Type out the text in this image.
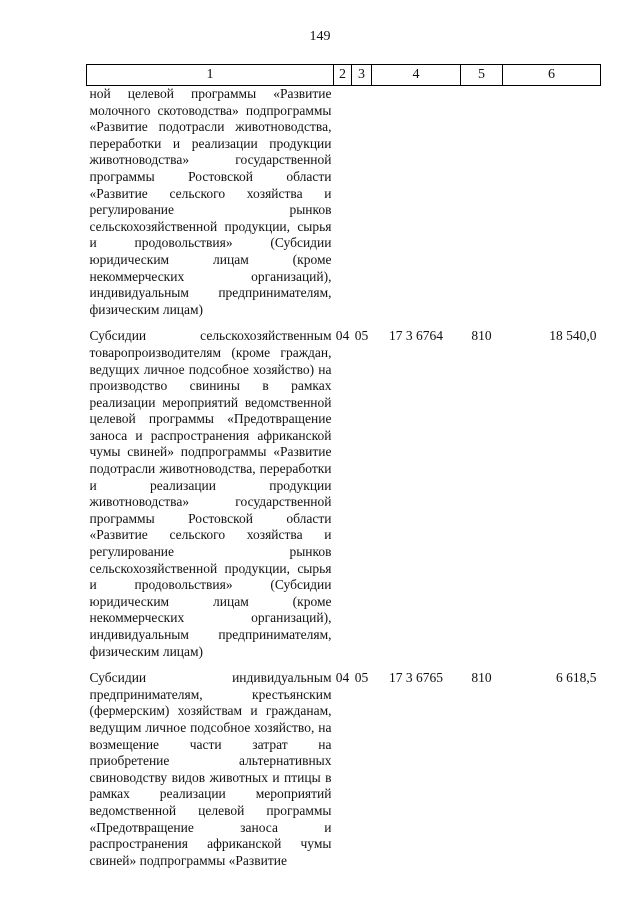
149
1	2	3	4	5	6

ной целевой программы «Развитие молочного скотоводства» подпрограммы «Развитие подотрасли животноводства, переработки и реализации продукции животноводства» государственной программы Ростовской области «Развитие сельского хозяйства и регулирование рынков сельскохозяйственной продукции, сырья и продовольствия» (Субсидии юридическим лицам (кроме некоммерческих организаций), индивидуальным предпринимателям, физическим лицам)					

Субсидии сельскохозяйственным товаропроизводителям (кроме граждан, ведущих личное подсобное хозяйство) на производство свинины в рамках реализации мероприятий ведомственной целевой программы «Предотвращение заноса и распространения африканской чумы свиней» подпрограммы «Развитие подотрасли животноводства, переработки и реализации продукции животноводства» государственной программы Ростовской области «Развитие сельского хозяйства и регулирование рынков сельскохозяйственной продукции, сырья и продовольствия» (Субсидии юридическим лицам (кроме некоммерческих организаций), индивидуальным предпринимателям, физическим лицам)	04	05	17 3 6764	810	18 540,0

Субсидии индивидуальным предпринимателям, крестьянским (фермерским) хозяйствам и гражданам, ведущим личное подсобное хозяйство, на возмещение части затрат на приобретение альтернативных свиноводству видов животных и птицы в рамках реализации мероприятий ведомственной целевой программы «Предотвращение заноса и распространения африканской чумы свиней» подпрограммы «Развитие	04	05	17 3 6765	810	6 618,5
